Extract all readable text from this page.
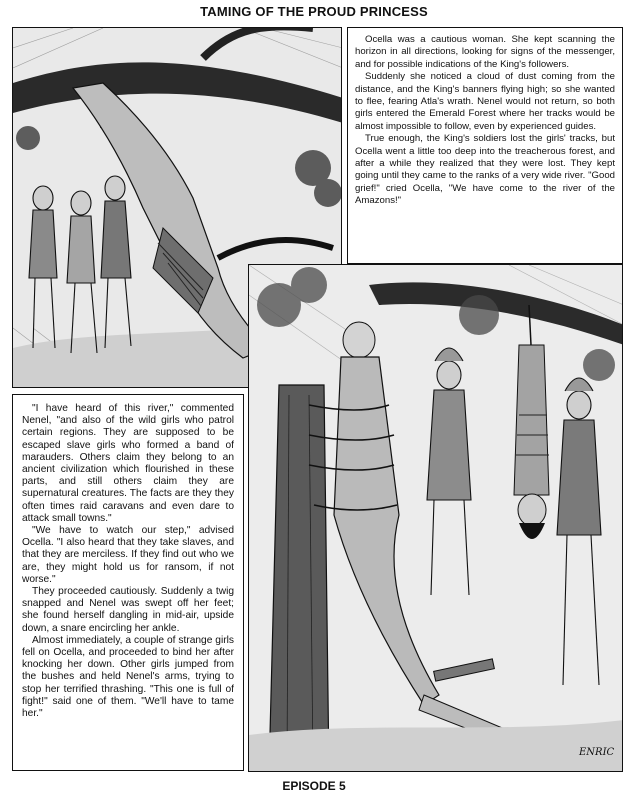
TAMING OF THE PROUD PRINCESS

Ocella was a cautious woman. She kept scanning the horizon in all directions, looking for signs of the messenger, and for possible indications of the King's followers.

Suddenly she noticed a cloud of dust coming from the distance, and the King's banners flying high; so she wanted to flee, fearing Atla's wrath. Nenel would not return, so both girls entered the Emerald Forest where her tracks would be almost impossible to follow, even by experienced guides.

True enough, the King's soldiers lost the girls' tracks, but Ocella went a little too deep into the treacherous forest, and after a while they realized that they were lost. They kept going until they came to the ranks of a very wide river. "Good grief!" cried Ocella, "We have come to the river of the Amazons!"

ENRIC

"I have heard of this river," commented Nenel, "and also of the wild girls who patrol certain regions. They are supposed to be escaped slave girls who formed a band of marauders. Others claim they belong to an ancient civilization which flourished in these parts, and still others claim they are supernatural creatures. The facts are they they often times raid caravans and even dare to attack small towns."

"We have to watch our step," advised Ocella. "I also heard that they take slaves, and that they are merciless. If they find out who we are, they might hold us for ransom, if not worse."

They proceeded cautiously. Suddenly a twig snapped and Nenel was swept off her feet; she found herself dangling in mid-air, upside down, a snare encircling her ankle.

Almost immediately, a couple of strange girls fell on Ocella, and proceeded to bind her after knocking her down. Other girls jumped from the bushes and held Nenel's arms, trying to stop her terrified thrashing. "This one is full of fight!" said one of them. "We'll have to tame her."

EPISODE 5
